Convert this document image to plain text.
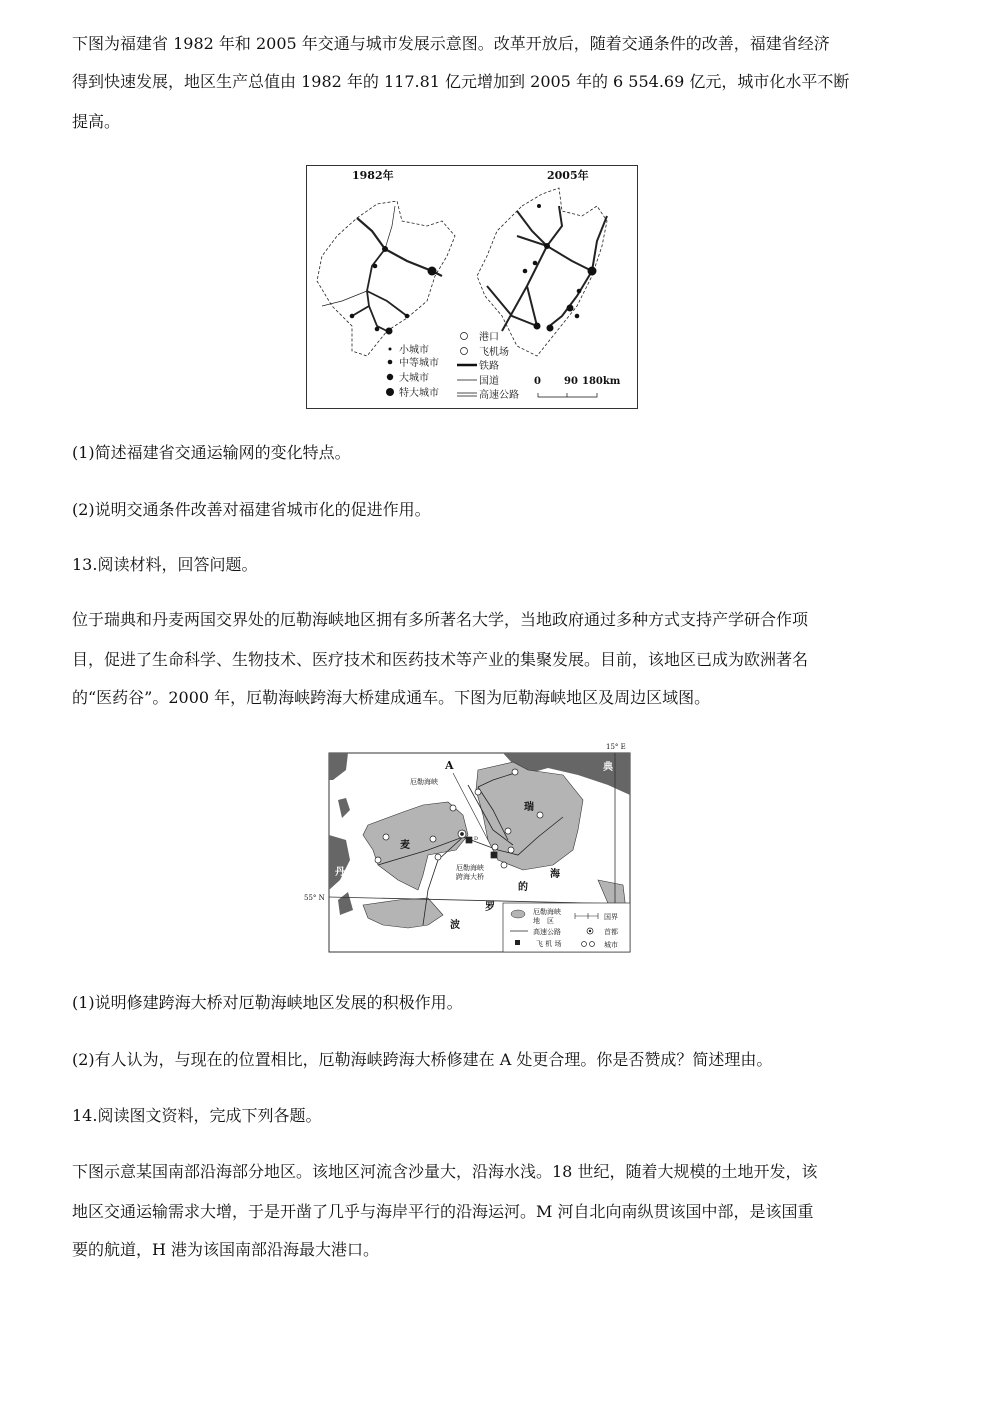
下图为福建省 1982 年和 2005 年交通与城市发展示意图。改革开放后，随着交通条件的改善，福建省经济
得到快速发展，地区生产总值由 1982 年的 117.81 亿元增加到 2005 年的 6 554.69 亿元，城市化水平不断
提高。
1982年	2005年
小城市
中等城市
大城市
特大城市
港口
飞机场
铁路
国道
高速公路
0 90 180km
(1)简述福建省交通运输网的变化特点。
(2)说明交通条件改善对福建省城市化的促进作用。
13.阅读材料，回答问题。
位于瑞典和丹麦两国交界处的厄勒海峡地区拥有多所著名大学，当地政府通过多种方式支持产学研合作项
目，促进了生命科学、生物技术、医疗技术和医药技术等产业的集聚发展。目前，该地区已成为欧洲著名
的“医药谷”。2000 年，厄勒海峡跨海大桥建成通车。下图为厄勒海峡地区及周边区域图。
55° N
15° E
A
厄勒海峡
厄勒海峡
跨海大桥
D
瑞
典
丹
麦
波
罗
的
海
厄勒海峡
地　区
高速公路
飞 机 场
国界
首都
城市
(1)说明修建跨海大桥对厄勒海峡地区发展的积极作用。
(2)有人认为，与现在的位置相比，厄勒海峡跨海大桥修建在 A 处更合理。你是否赞成？简述理由。
14.阅读图文资料，完成下列各题。
下图示意某国南部沿海部分地区。该地区河流含沙量大，沿海水浅。18 世纪，随着大规模的土地开发，该
地区交通运输需求大增，于是开凿了几乎与海岸平行的沿海运河。M 河自北向南纵贯该国中部，是该国重
要的航道，H 港为该国南部沿海最大港口。
